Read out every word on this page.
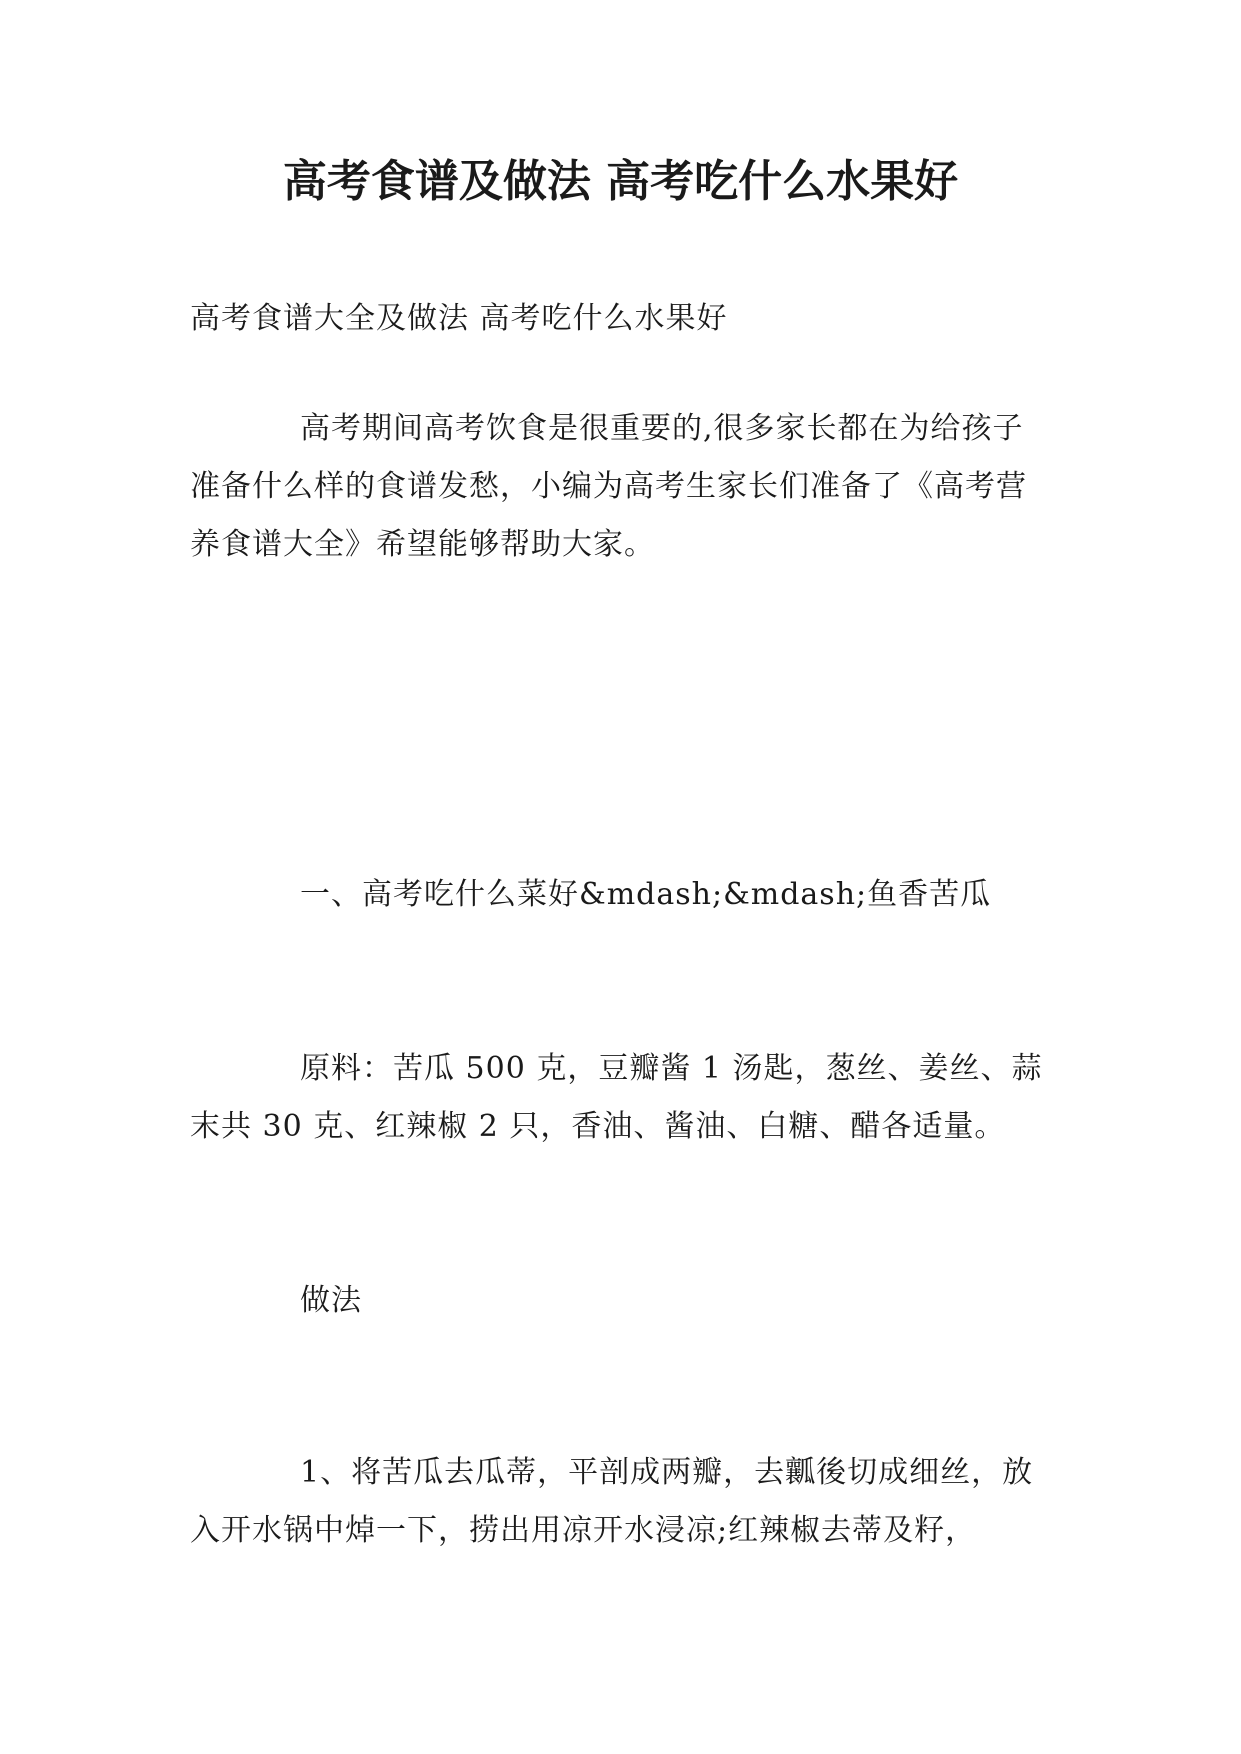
高考食谱及做法 高考吃什么水果好

高考食谱大全及做法 高考吃什么水果好

高考期间高考饮食是很重要的,很多家长都在为给孩子准备什么样的食谱发愁，小编为高考生家长们准备了《高考营养食谱大全》希望能够帮助大家。

一、高考吃什么菜好&mdash;&mdash;鱼香苦瓜

原料：苦瓜 500 克，豆瓣酱 1 汤匙，葱丝、姜丝、蒜末共 30 克、红辣椒 2 只，香油、酱油、白糖、醋各适量。

做法

1、将苦瓜去瓜蒂，平剖成两瓣，去瓤後切成细丝，放入开水锅中焯一下，捞出用凉开水浸凉;红辣椒去蒂及籽，
